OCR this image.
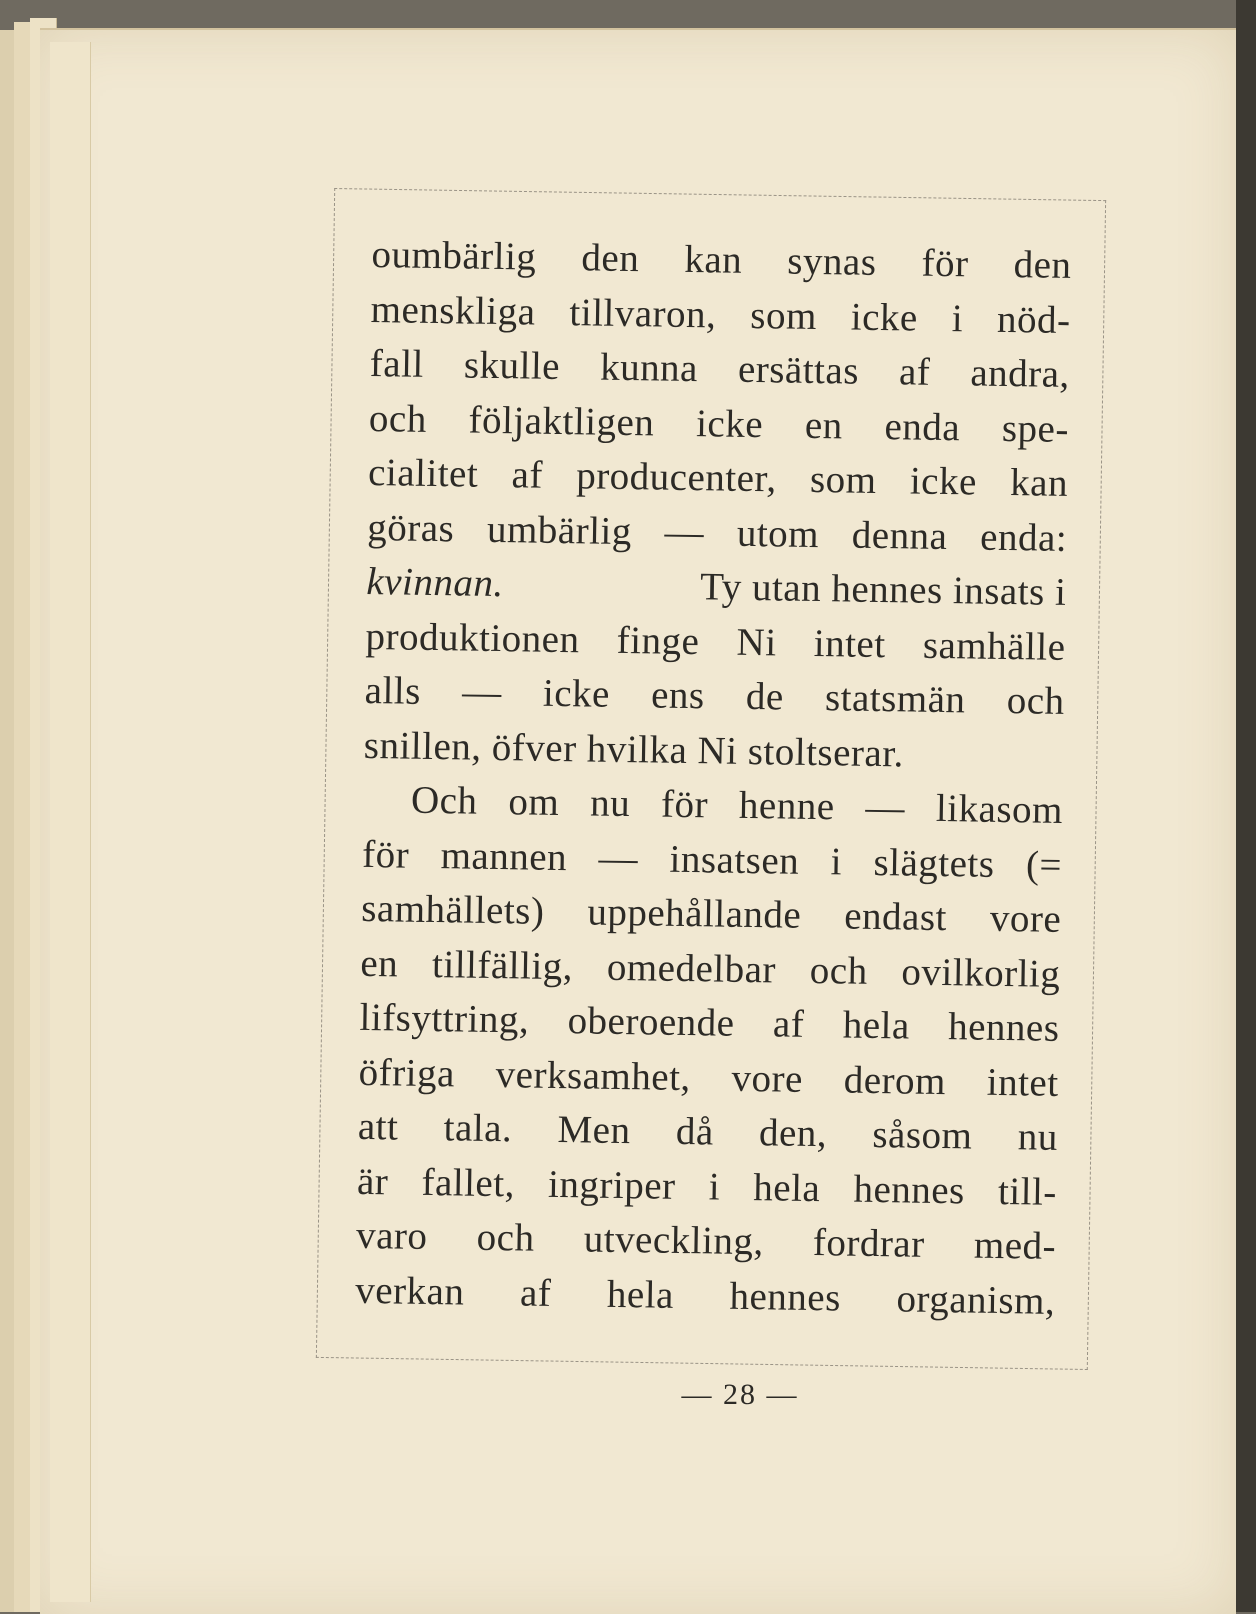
oumbärlig den kan synas för den
menskliga tillvaron, som icke i nöd-
fall skulle kunna ersättas af andra,
och följaktligen icke en enda spe-
cialitet af producenter, som icke kan
göras umbärlig — utom denna enda:
kvinnan.	Ty utan hennes insats i
produktionen finge Ni intet samhälle
alls — icke ens de statsmän och
snillen, öfver hvilka Ni stoltserar.
Och om nu för henne — likasom
för mannen — insatsen i slägtets (=
samhällets) uppehållande endast vore
en tillfällig, omedelbar och ovilkorlig
lifsyttring, oberoende af hela hennes
öfriga verksamhet, vore derom intet
att tala. Men då den, såsom nu
är fallet, ingriper i hela hennes till-
varo och utveckling, fordrar med-
verkan af hela hennes organism,
— 28 —
